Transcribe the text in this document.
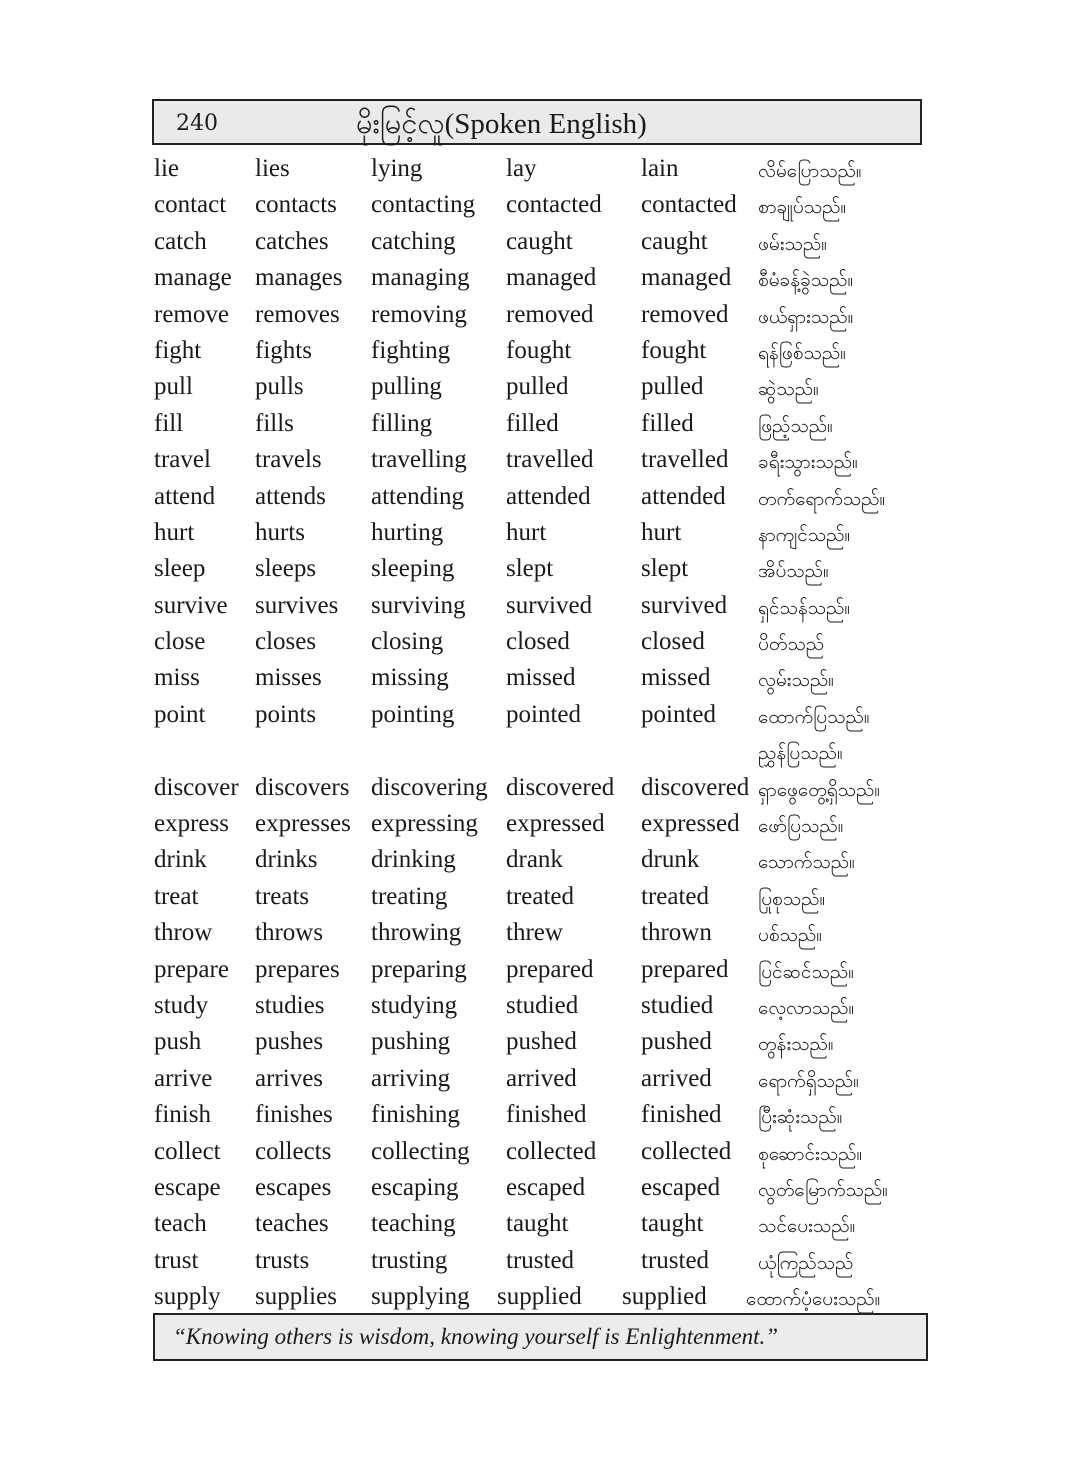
240	မိုးမြင့်လူ(Spoken English)
lie	lies	lying	lay	lain	လိမ်ပြောသည်။
contact contacts contacting contacted contacted စာချုပ်သည်။
catch catches catching caught	caught	ဖမ်းသည်။
manage manages managing managed managed စီမံခန့်ခွဲသည်။
remove removes removing removed removed ဖယ်ရှားသည်။
fight fights fighting fought	fought	ရန်ဖြစ်သည်။
pull pulls	pulling	pulled	pulled	ဆွဲသည်။
fill	fills	filling	filled	filled	ဖြည့်သည်။
travel travels travelling travelled travelled ခရီးသွားသည်။
attend attends attending attended attended တက်ရောက်သည်။
hurt hurts	hurting	hurt	hurt	နာကျင်သည်။
sleep sleeps sleeping slept	slept	အိပ်သည်။
survive survives surviving survived survived ရှင်သန်သည်။
close closes closing	closed	closed	ပိတ်သည်
miss misses missing missed	missed	လွမ်းသည်။
point points pointing pointed pointed ထောက်ပြသည်။
ညွှန်ပြသည်။
discover discovers discovering discovered discovered ရှာဖွေတွေ့ရှိသည်။
express expresses expressing expressed expressed ဖော်ပြသည်။
drink drinks drinking drank	drunk	သောက်သည်။
treat treats treating treated	treated	ပြုစုသည်။
throw throws throwing threw	thrown ပစ်သည်။
prepare prepares preparing prepared prepared ပြင်ဆင်သည်။
study studies studying studied	studied လေ့လာသည်။
push pushes pushing pushed	pushed တွန်းသည်။
arrive arrives arriving arrived	arrived ရောက်ရှိသည်။
finish finishes finishing finished finished ပြီးဆုံးသည်။
collect collects collecting collected collected စုဆောင်းသည်။
escape escapes escaping escaped escaped လွတ်မြောက်သည်။
teach teaches teaching taught	taught	သင်ပေးသည်။
trust trusts trusting trusted	trusted	ယုံကြည်သည်
supply supplies supplying supplied supplied ထောက်ပံ့ပေးသည်။
“Knowing others is wisdom, knowing yourself is Enlightenment.”
